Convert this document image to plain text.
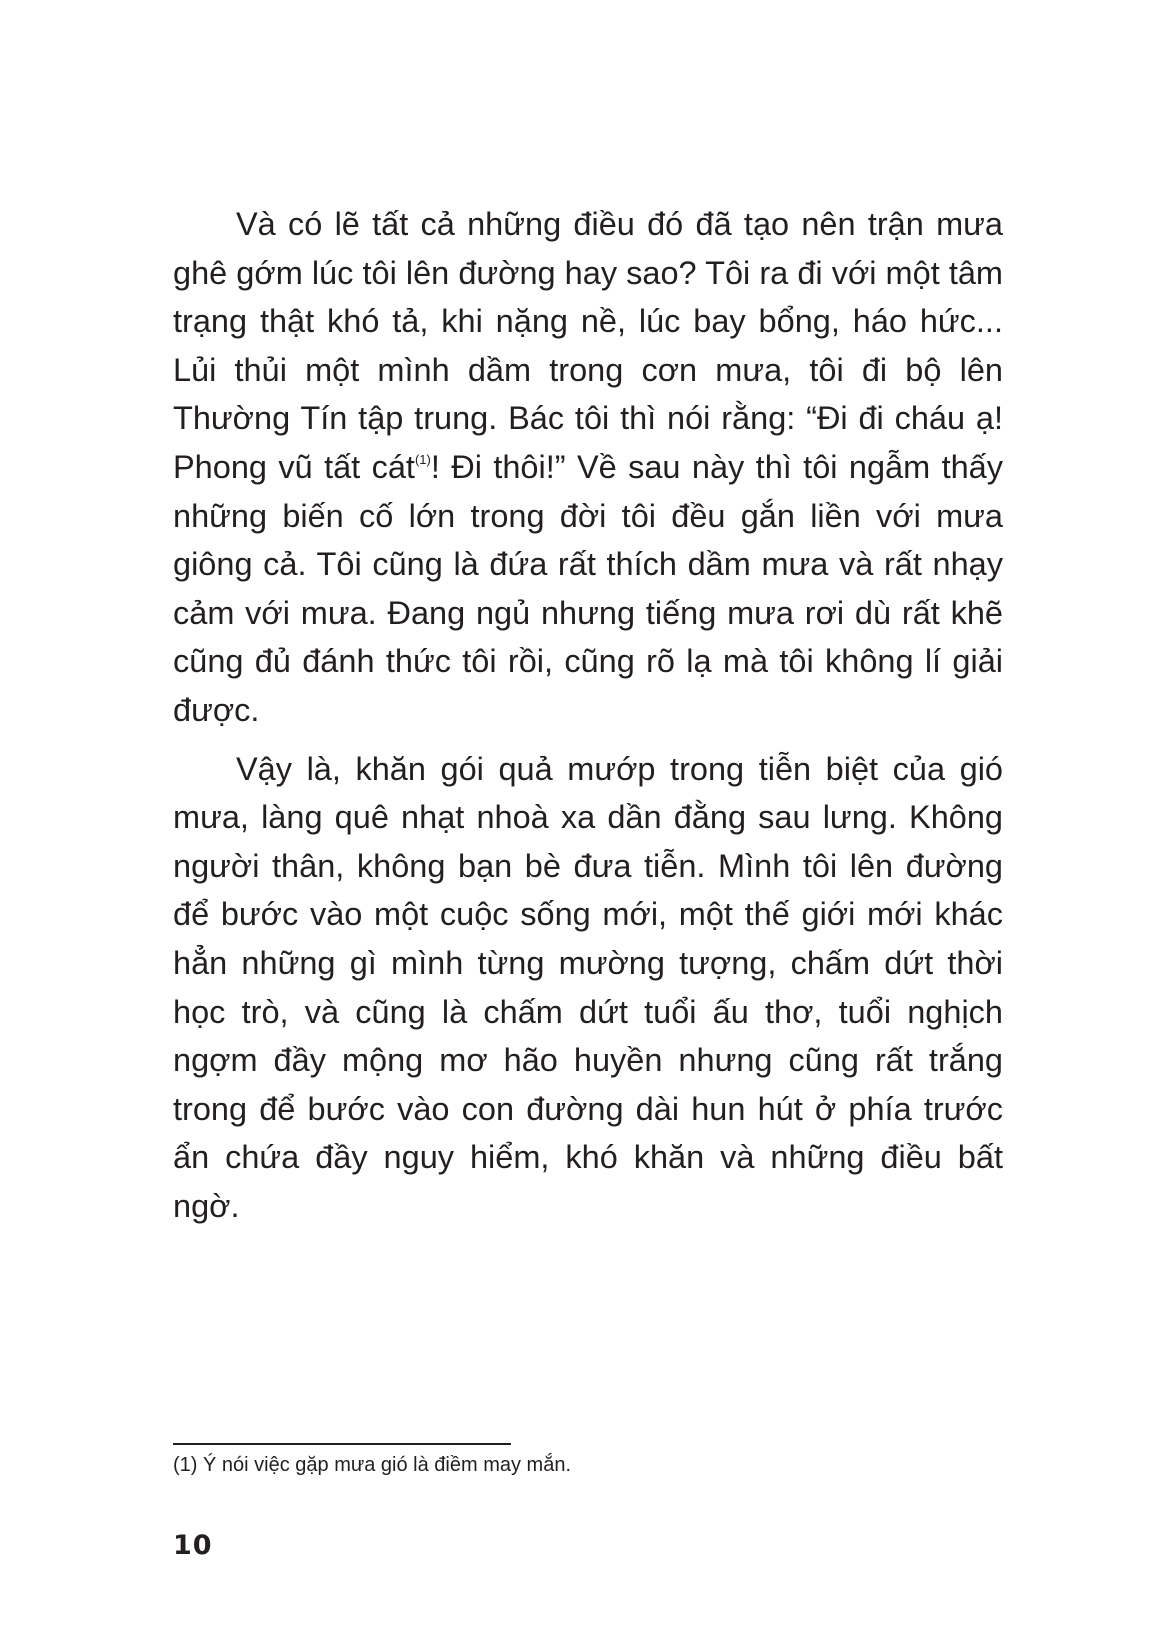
Và có lẽ tất cả những điều đó đã tạo nên trận mưa ghê gớm lúc tôi lên đường hay sao? Tôi ra đi với một tâm trạng thật khó tả, khi nặng nề, lúc bay bổng, háo hức... Lủi thủi một mình dầm trong cơn mưa, tôi đi bộ lên Thường Tín tập trung. Bác tôi thì nói rằng: “Đi đi cháu ạ! Phong vũ tất cát$^{(1)}$! Đi thôi!” Về sau này thì tôi ngẫm thấy những biến cố lớn trong đời tôi đều gắn liền với mưa giông cả. Tôi cũng là đứa rất thích dầm mưa và rất nhạy cảm với mưa. Đang ngủ nhưng tiếng mưa rơi dù rất khẽ cũng đủ đánh thức tôi rồi, cũng rõ lạ mà tôi không lí giải được.

Vậy là, khăn gói quả mướp trong tiễn biệt của gió mưa, làng quê nhạt nhoà xa dần đằng sau lưng. Không người thân, không bạn bè đưa tiễn. Mình tôi lên đường để bước vào một cuộc sống mới, một thế giới mới khác hẳn những gì mình từng mường tượng, chấm dứt thời học trò, và cũng là chấm dứt tuổi ấu thơ, tuổi nghịch ngợm đầy mộng mơ hão huyền nhưng cũng rất trắng trong để bước vào con đường dài hun hút ở phía trước ẩn chứa đầy nguy hiểm, khó khăn và những điều bất ngờ.

(1) Ý nói việc gặp mưa gió là điềm may mắn.
10
